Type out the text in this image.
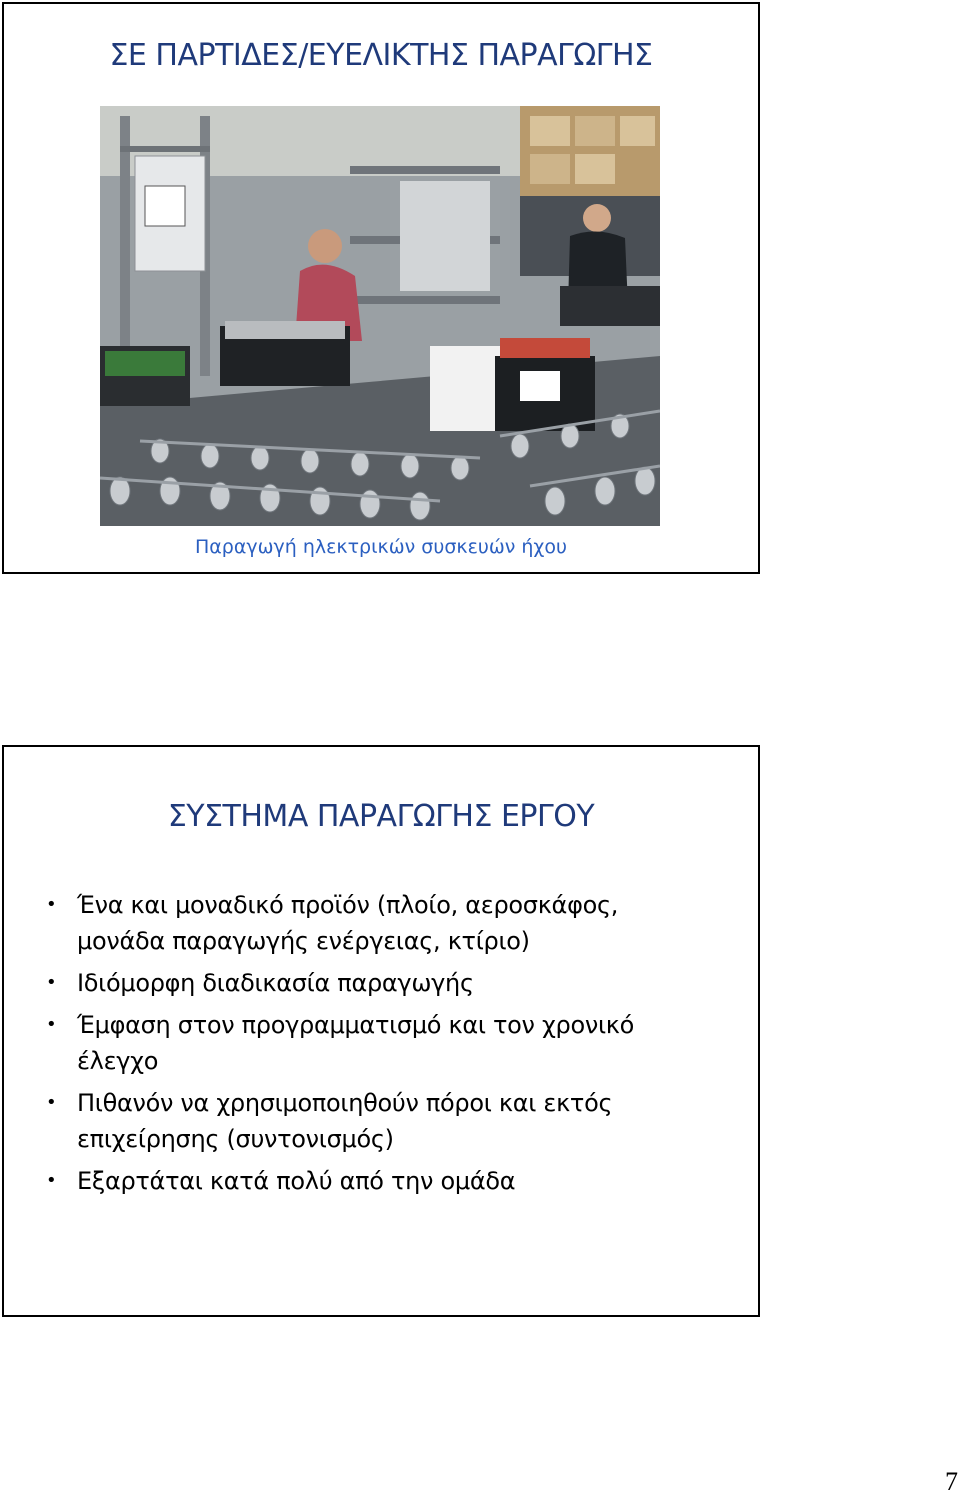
ΣΕ ΠΑΡΤΙΔΕΣ/ΕΥΕΛΙΚΤΗΣ ΠΑΡΑΓΩΓΗΣ
Παραγωγή ηλεκτρικών συσκευών ήχου
ΣΥΣΤΗΜΑ ΠΑΡΑΓΩΓΗΣ ΕΡΓΟΥ
• Ένα και μοναδικό προϊόν (πλοίο, αεροσκάφος,
μονάδα παραγωγής ενέργειας, κτίριο)
• Ιδιόμορφη διαδικασία παραγωγής
• Έμφαση στον προγραμματισμό και τον χρονικό
έλεγχο
• Πιθανόν να χρησιμοποιηθούν πόροι και εκτός
επιχείρησης (συντονισμός)
• Εξαρτάται κατά πολύ από την ομάδα
7
